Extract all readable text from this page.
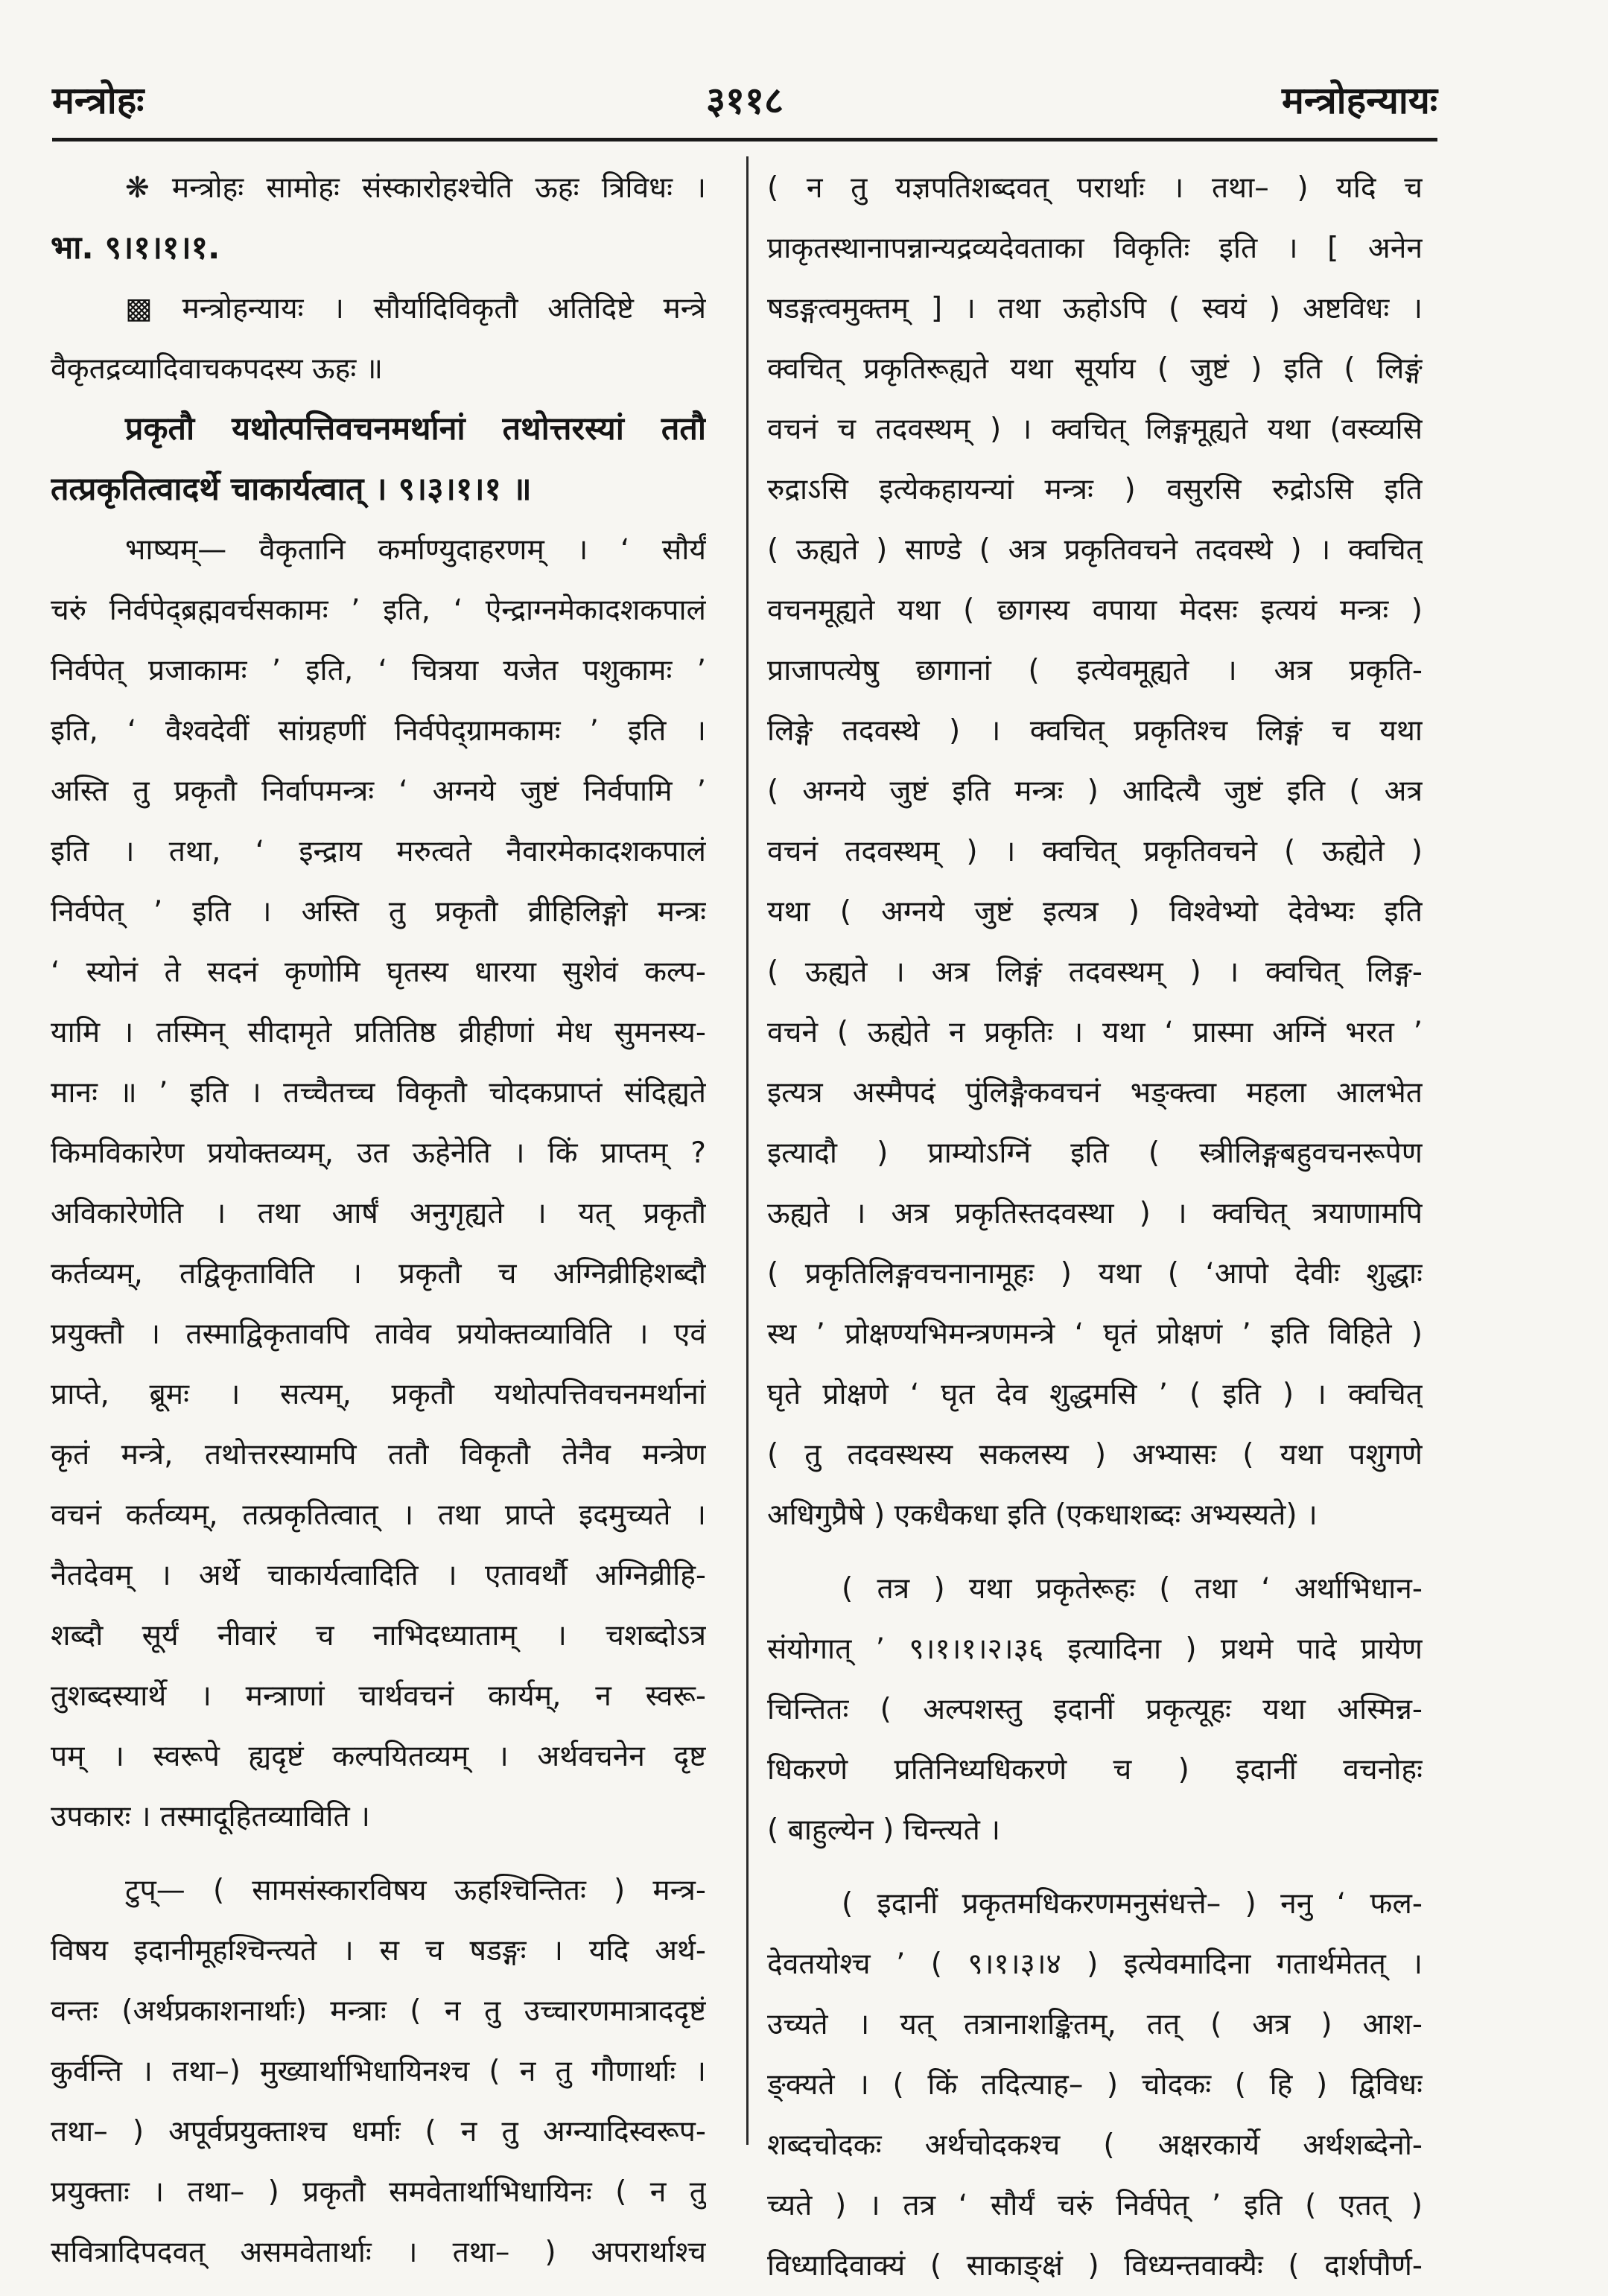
मन्त्रोहः	३११८	मन्त्रोहन्यायः
❋ मन्त्रोहः सामोहः संस्कारोहश्चेति ऊहः त्रिविधः ।
भा. ९।१।१।१.
▩ मन्त्रोहन्यायः । सौर्यादिविकृतौ अतिदिष्टे मन्त्रे
वैकृतद्रव्यादिवाचकपदस्य ऊहः ॥
प्रकृतौ यथोत्पत्तिवचनमर्थानां तथोत्तरस्यां ततौ
तत्प्रकृतित्वादर्थे चाकार्यत्वात् । ९।३।१।१ ॥
भाष्यम्— वैकृतानि कर्माण्युदाहरणम् । ‘ सौर्यं
चरुं निर्वपेद्ब्रह्मवर्चसकामः ’ इति, ‘ ऐन्द्राग्नमेकादशकपालं
निर्वपेत् प्रजाकामः ’ इति, ‘ चित्रया यजेत पशुकामः ’
इति, ‘ वैश्वदेवीं सांग्रहणीं निर्वपेद्ग्रामकामः ’ इति ।
अस्ति तु प्रकृतौ निर्वापमन्त्रः ‘ अग्नये जुष्टं निर्वपामि ’
इति । तथा, ‘ इन्द्राय मरुत्वते नैवारमेकादशकपालं
निर्वपेत् ’ इति । अस्ति तु प्रकृतौ व्रीहिलिङ्गो मन्त्रः
‘ स्योनं ते सदनं कृणोमि घृतस्य धारया सुशेवं कल्प-
यामि । तस्मिन् सीदामृते प्रतितिष्ठ व्रीहीणां मेध सुमनस्य-
मानः ॥ ’ इति । तच्चैतच्च विकृतौ चोदकप्राप्तं संदिह्यते
किमविकारेण प्रयोक्तव्यम्, उत ऊहेनेति । किं प्राप्तम् ?
अविकारेणेति । तथा आर्षं अनुगृह्यते । यत् प्रकृतौ
कर्तव्यम्, तद्विकृताविति । प्रकृतौ च अग्निव्रीहिशब्दौ
प्रयुक्तौ । तस्माद्विकृतावपि तावेव प्रयोक्तव्याविति । एवं
प्राप्ते, ब्रूमः । सत्यम्, प्रकृतौ यथोत्पत्तिवचनमर्थानां
कृतं मन्त्रे, तथोत्तरस्यामपि ततौ विकृतौ तेनैव मन्त्रेण
वचनं कर्तव्यम्, तत्प्रकृतित्वात् । तथा प्राप्ते इदमुच्यते ।
नैतदेवम् । अर्थे चाकार्यत्वादिति । एतावर्थौ अग्निव्रीहि-
शब्दौ सूर्यं नीवारं च नाभिदध्याताम् । चशब्दोऽत्र
तुशब्दस्यार्थे । मन्त्राणां चार्थवचनं कार्यम्, न स्वरू-
पम् । स्वरूपे ह्यदृष्टं कल्पयितव्यम् । अर्थवचनेन दृष्ट
उपकारः । तस्मादूहितव्याविति ।
टुप्— ( सामसंस्कारविषय ऊहश्चिन्तितः ) मन्त्र-
विषय इदानीमूहश्चिन्त्यते । स च षडङ्गः । यदि अर्थ-
वन्तः (अर्थप्रकाशनार्थाः) मन्त्राः ( न तु उच्चारणमात्राददृष्टं
कुर्वन्ति । तथा–) मुख्यार्थाभिधायिनश्च ( न तु गौणार्थाः ।
तथा– ) अपूर्वप्रयुक्ताश्च धर्माः ( न तु अग्न्यादिस्वरूप-
प्रयुक्ताः । तथा– ) प्रकृतौ समवेतार्थाभिधायिनः ( न तु
सवित्रादिपदवत् असमवेतार्थाः । तथा– ) अपरार्थाश्च
( न तु यज्ञपतिशब्दवत् परार्थाः । तथा– ) यदि च
प्राकृतस्थानापन्नान्यद्रव्यदेवताका विकृतिः इति । [ अनेन
षडङ्गत्वमुक्तम् ] । तथा ऊहोऽपि ( स्वयं ) अष्टविधः ।
क्वचित् प्रकृतिरूह्यते यथा सूर्याय ( जुष्टं ) इति ( लिङ्गं
वचनं च तदवस्थम् ) । क्वचित् लिङ्गमूह्यते यथा (वस्व्यसि
रुद्राऽसि इत्येकहायन्यां मन्त्रः ) वसुरसि रुद्रोऽसि इति
( ऊह्यते ) साण्डे ( अत्र प्रकृतिवचने तदवस्थे ) । क्वचित्
वचनमूह्यते यथा ( छागस्य वपाया मेदसः इत्ययं मन्त्रः )
प्राजापत्येषु छागानां ( इत्येवमूह्यते । अत्र प्रकृति-
लिङ्गे तदवस्थे ) । क्वचित् प्रकृतिश्च लिङ्गं च यथा
( अग्नये जुष्टं इति मन्त्रः ) आदित्यै जुष्टं इति ( अत्र
वचनं तदवस्थम् ) । क्वचित् प्रकृतिवचने ( ऊह्येते )
यथा ( अग्नये जुष्टं इत्यत्र ) विश्वेभ्यो देवेभ्यः इति
( ऊह्यते । अत्र लिङ्गं तदवस्थम् ) । क्वचित् लिङ्ग-
वचने ( ऊह्येते न प्रकृतिः । यथा ‘ प्रास्मा अग्निं भरत ’
इत्यत्र अस्मैपदं पुंलिङ्गैकवचनं भङ्क्त्वा महला आलभेत
इत्यादौ ) प्राम्योऽग्निं इति ( स्त्रीलिङ्गबहुवचनरूपेण
ऊह्यते । अत्र प्रकृतिस्तदवस्था ) । क्वचित् त्रयाणामपि
( प्रकृतिलिङ्गवचनानामूहः ) यथा ( ‘आपो देवीः शुद्धाः
स्थ ’ प्रोक्षण्यभिमन्त्रणमन्त्रे ‘ घृतं प्रोक्षणं ’ इति विहिते )
घृते प्रोक्षणे ‘ घृत देव शुद्धमसि ’ ( इति ) । क्वचित्
( तु तदवस्थस्य सकलस्य ) अभ्यासः ( यथा पशुगणे
अधिगुप्रैषे ) एकधैकधा इति (एकधाशब्दः अभ्यस्यते) ।
( तत्र ) यथा प्रकृतेरूहः ( तथा ‘ अर्थाभिधान-
संयोगात् ’ ९।१।१।२।३६ इत्यादिना ) प्रथमे पादे प्रायेण
चिन्तितः ( अल्पशस्तु इदानीं प्रकृत्यूहः यथा अस्मिन्न-
धिकरणे प्रतिनिध्यधिकरणे च ) इदानीं वचनोहः
( बाहुल्येन ) चिन्त्यते ।
( इदानीं प्रकृतमधिकरणमनुसंधत्ते– ) ननु ‘ फल-
देवतयोश्च ’ ( ९।१।३।४ ) इत्येवमादिना गतार्थमेतत् ।
उच्यते । यत् तत्रानाशङ्कितम्, तत् ( अत्र ) आश-
ङ्क्यते । ( किं तदित्याह– ) चोदकः ( हि ) द्विविधः
शब्दचोदकः अर्थचोदकश्च ( अक्षरकार्ये अर्थशब्देनो-
च्यते ) । तत्र ‘ सौर्यं चरुं निर्वपेत् ’ इति ( एतत् )
विध्यादिवाक्यं ( साकाङ्क्षं ) विध्यन्तवाक्यैः ( दार्शपौर्ण-
